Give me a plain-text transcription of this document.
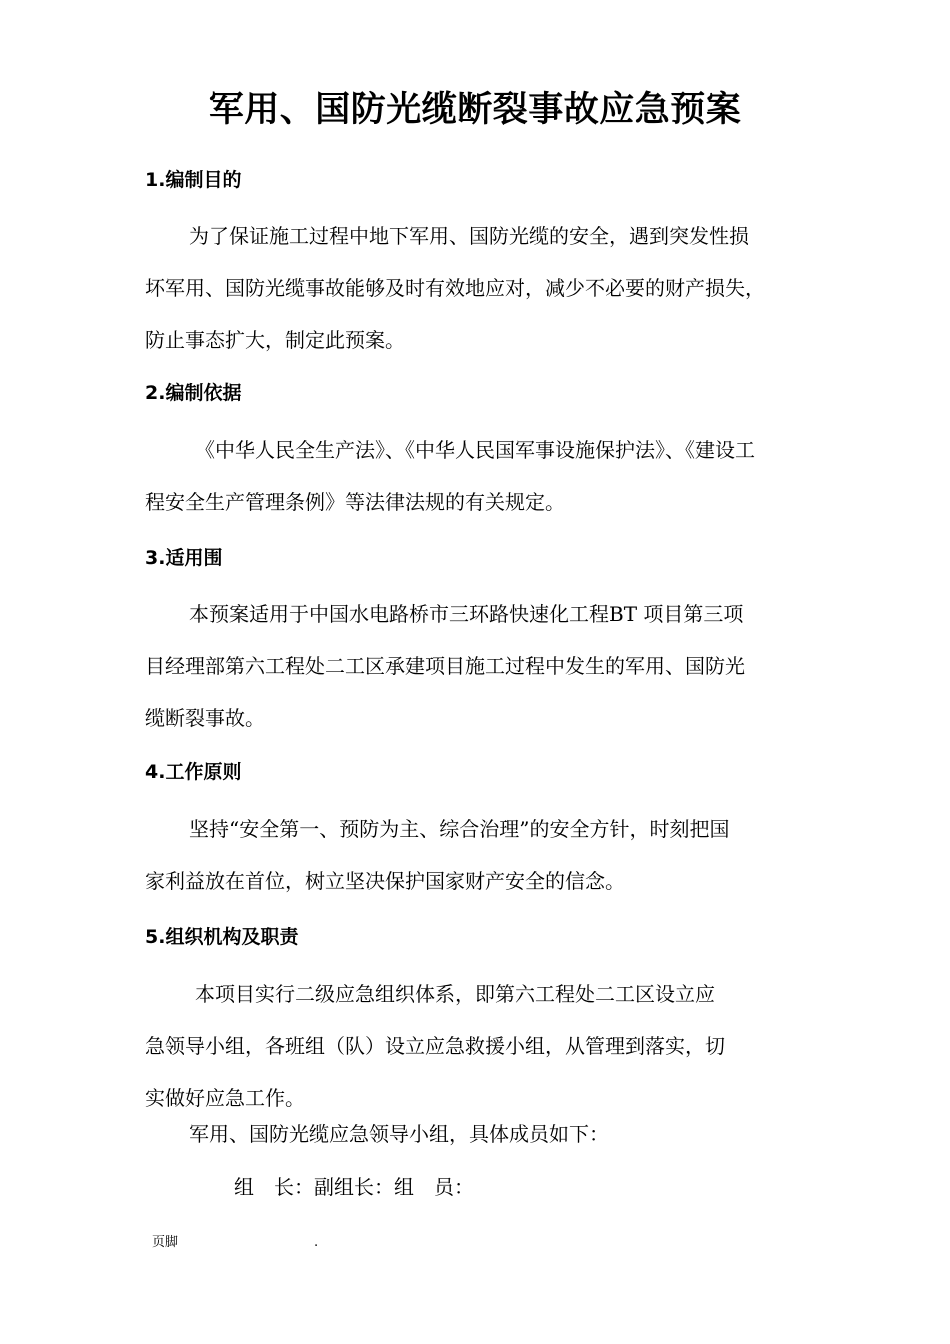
军用、国防光缆断裂事故应急预案
1.编制目的
为了保证施工过程中地下军用、国防光缆的安全，遇到突发性损
坏军用、国防光缆事故能够及时有效地应对，减少不必要的财产损失，
防止事态扩大，制定此预案。
2.编制依据
《中华人民全生产法》、《中华人民国军事设施保护法》、《建设工
程安全生产管理条例》等法律法规的有关规定。
3.适用围
本预案适用于中国水电路桥市三环路快速化工程BT 项目第三项
目经理部第六工程处二工区承建项目施工过程中发生的军用、国防光
缆断裂事故。
4.工作原则
坚持“安全第一、预防为主、综合治理”的安全方针，时刻把国
家利益放在首位，树立坚决保护国家财产安全的信念。
5.组织机构及职责
本项目实行二级应急组织体系，即第六工程处二工区设立应
急领导小组，各班组（队）设立应急救援小组，从管理到落实，切
实做好应急工作。
军用、国防光缆应急领导小组，具体成员如下：
组　长：副组长：组　员：
页脚	.
